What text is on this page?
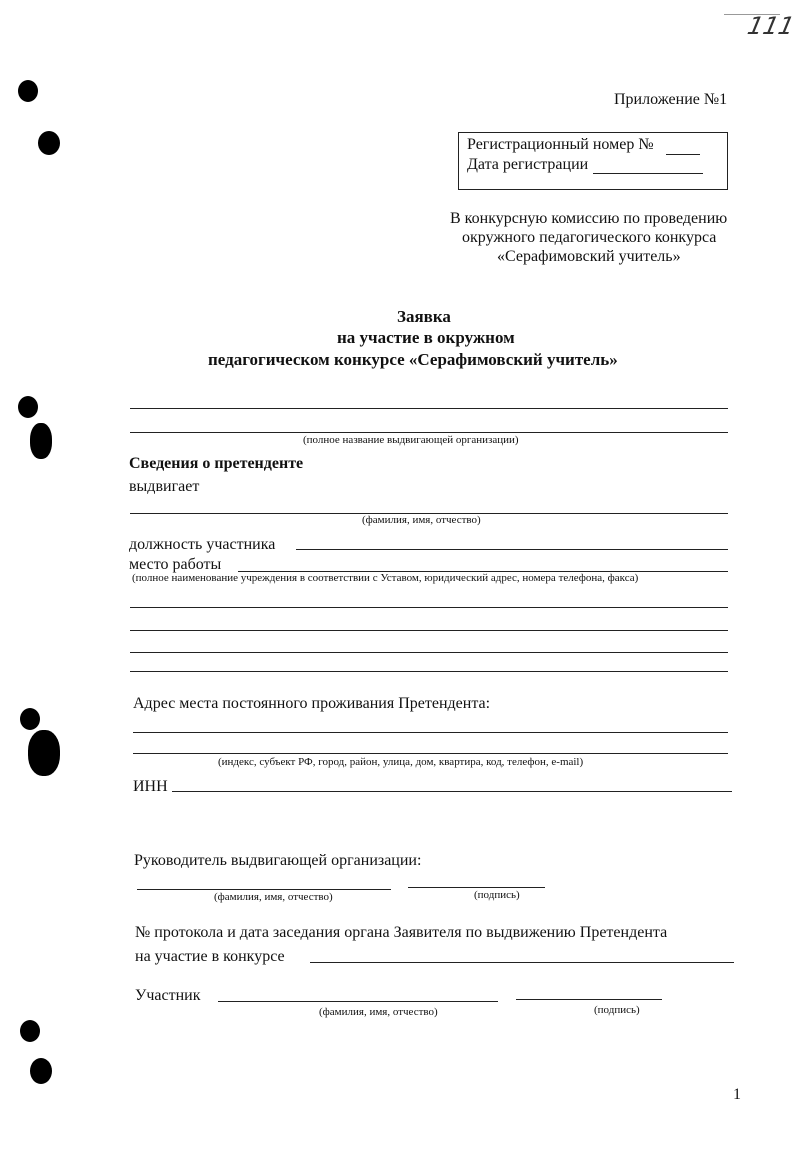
111
Приложение №1
Регистрационный номер №
Дата регистрации
В конкурсную комиссию по проведению
окружного педагогического конкурса
«Серафимовский учитель»
Заявка
на участие в окружном
педагогическом конкурсе «Серафимовский учитель»
(полное название выдвигающей организации)
Сведения о претенденте
выдвигает
(фамилия, имя, отчество)
должность участника
место работы
(полное наименование учреждения в соответствии с Уставом, юридический адрес, номера телефона, факса)
Адрес места постоянного проживания Претендента:
(индекс, субъект РФ, город, район, улица, дом, квартира, код, телефон, e-mail)
ИНН
Руководитель выдвигающей организации:
(фамилия, имя, отчество)	(подпись)
№ протокола и дата заседания органа Заявителя по выдвижению Претендента
на участие в конкурсе
Участник
(фамилия, имя, отчество)	(подпись)
1
